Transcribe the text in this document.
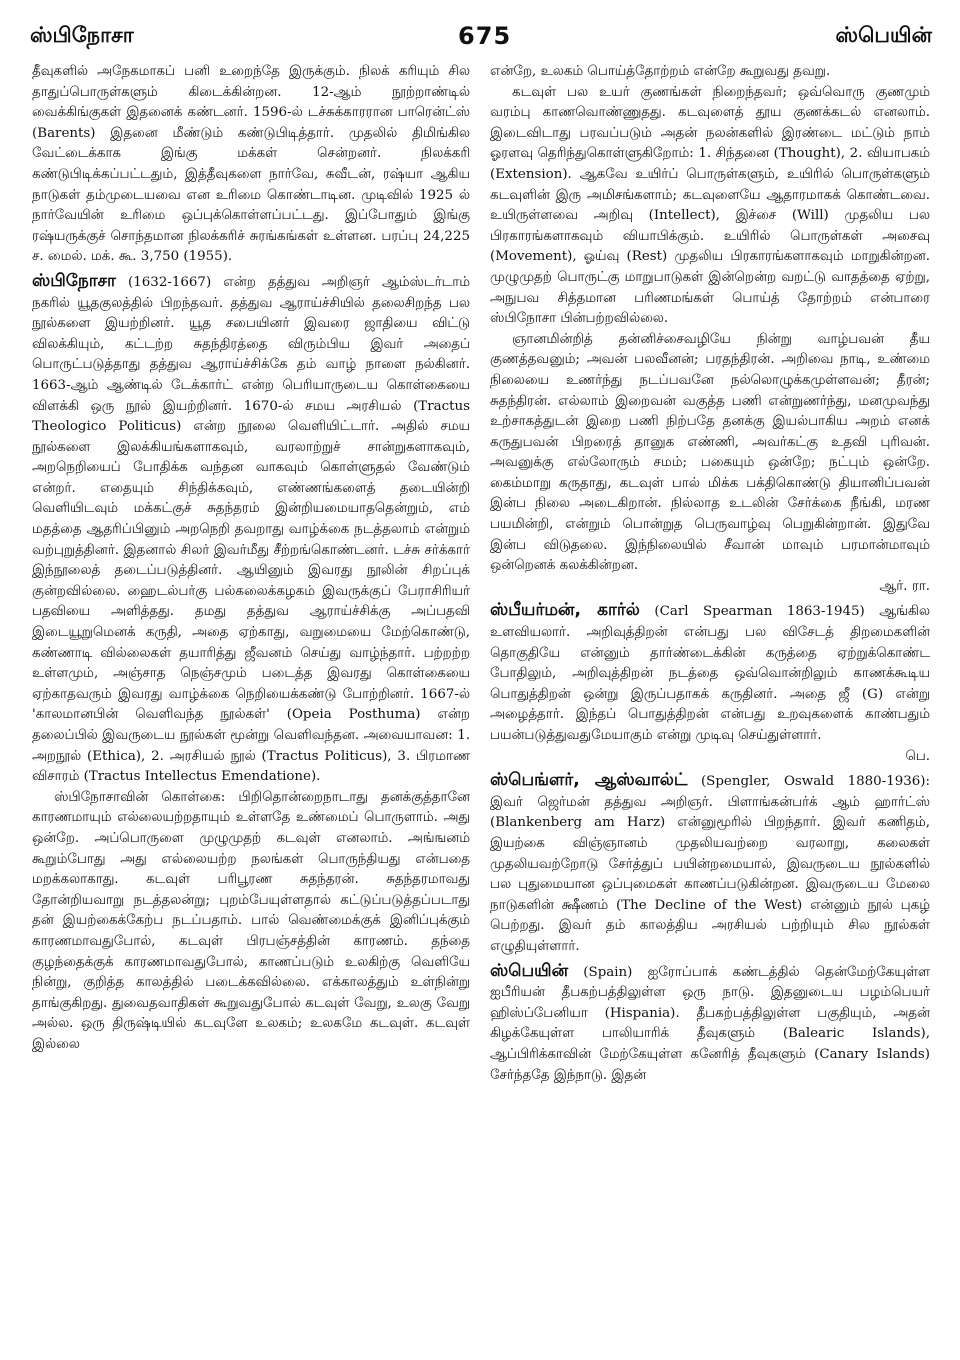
ஸ்பிநோசா	675	ஸ்பெயின்

தீவுகளில் அநேகமாகப் பனி உறைந்தே இருக்கும். நிலக் கரியும் சில தாதுப்பொருள்களும் கிடைக்கின்றன. 12-ஆம் நூற்றாண்டில் வைக்கிங்குகள் இதனைக் கண்டனர். 1596-ல் டச்சுக்காரரான பாரென்ட்ஸ் (Barents) இதனை மீண்டும் கண்டுபிடித்தார். முதலில் திமிங்கில வேட்டைக்காக இங்கு மக்கள் சென்றனர். நிலக்கரி கண்டுபிடிக்கப்பட்டதும், இத்தீவுகளை நார்வே, சுவீடன், ரஷ்யா ஆகிய நாடுகள் தம்முடையவை என உரிமை கொண்டாடின. முடிவில் 1925 ல் நார்வேயின் உரிமை ஒப்புக்கொள்ளப்பட்டது. இப்போதும் இங்கு ரஷ்யருக்குச் சொந்தமான நிலக்கரிச் சுரங்கங்கள் உள்ளன. பரப்பு 24,225 ச. மைல். மக். கூ. 3,750 (1955).

ஸ்பிநோசா (1632-1667) என்ற தத்துவ அறிஞர் ஆம்ஸ்டர்டாம் நகரில் யூதகுலத்தில் பிறந்தவர். தத்துவ ஆராய்ச்சியில் தலைசிறந்த பல நூல்களை இயற்றினர். யூத சபையினர் இவரை ஜாதியை விட்டு விலக்கியும், கட்டற்ற சுதந்திரத்தை விரும்பிய இவர் அதைப் பொருட்படுத்தாது தத்துவ ஆராய்ச்சிக்கே தம் வாழ் நாளை நல்கினர். 1663-ஆம் ஆண்டில் டேக்கார்ட் என்ற பெரியாருடைய கொள்கையை விளக்கி ஒரு நூல் இயற்றினர். 1670-ல் சமய அரசியல் (Tractus Theologico Politicus) என்ற நூலை வெளியிட்டார். அதில் சமய நூல்களை இலக்கியங்களாகவும், வரலாற்றுச் சான்றுகளாகவும், அறநெறியைப் போதிக்க வந்தன வாகவும் கொள்ளுதல் வேண்டும் என்றர். எதையும் சிந்திக்கவும், எண்ணங்களைத் தடையின்றி வெளியிடவும் மக்கட்குச் சுதந்தரம் இன்றியமையாததென்றும், எம் மதத்தை ஆதரிப்பினும் அறநெறி தவறாது வாழ்க்கை நடத்தலாம் என்றும் வற்புறுத்தினர். இதனால் சிலர் இவர்மீது சீற்றங்கொண்டனர். டச்சு சர்க்கார் இந்நூலைத் தடைப்படுத்தினர். ஆயினும் இவரது நூலின் சிறப்புக் குன்றவில்லை. ஹைடல்பர்கு பல்கலைக்கழகம் இவருக்குப் பேராசிரியர் பதவியை அளித்தது. தமது தத்துவ ஆராய்ச்சிக்கு அப்பதவி இடையூறுமெனக் கருதி, அதை ஏற்காது, வறுமையை மேற்கொண்டு, கண்ணாடி வில்லைகள் தயாரித்து ஜீவனம் செய்து வாழ்ந்தார். பற்றற்ற உள்ளமும், அஞ்சாத நெஞ்சமும் படைத்த இவரது கொள்கையை ஏற்காதவரும் இவரது வாழ்க்கை நெறியைக்கண்டு போற்றினர். 1667-ல் 'காலமானபின் வெளிவந்த நூல்கள்' (Opeia Posthuma) என்ற தலைப்பில் இவருடைய நூல்கள் மூன்று வெளிவந்தன. அவையாவன: 1. அறநூல் (Ethica), 2. அரசியல் நூல் (Tractus Politicus), 3. பிரமாண விசாரம் (Tractus Intellectus Emendatione).

ஸ்பிநோசாவின் கொள்கை: பிறிதொன்றைநாடாது தனக்குத்தானே காரணமாயும் எல்லையற்றதாயும் உள்ளதே உண்மைப் பொருளாம். அது ஒன்றே. அப்பொருளை முழுமுதற் கடவுள் எனலாம். அங்ஙனம் கூறும்போது அது எல்லையற்ற நலங்கள் பொருந்தியது என்பதை மறக்கலாகாது. கடவுள் பரிபூரண சுதந்தரன். சுதந்தரமாவது தோன்றியவாறு நடத்தலன்று; புறம்பேயுள்ளதால் கட்டுப்படுத்தப்படாது தன் இயற்கைக்கேற்ப நடப்பதாம். பால் வெண்மைக்குக் இனிப்புக்கும் காரணமாவதுபோல், கடவுள் பிரபஞ்சத்தின் காரணம். தந்தை குழந்தைக்குக் காரணமாவதுபோல், காணப்படும் உலகிற்கு வெளியே நின்று, குறித்த காலத்தில் படைக்கவில்லை. எக்காலத்தும் உள்நின்று தாங்குகிறது. துவைதவாதிகள் கூறுவதுபோல் கடவுள் வேறு, உலகு வேறு அல்ல. ஒரு திருஷ்டியில் கடவுளே உலகம்; உலகமே கடவுள். கடவுள் இல்லை

என்றே, உலகம் பொய்த்தோற்றம் என்றே கூறுவது தவறு.

கடவுள் பல உயர் குணங்கள் நிறைந்தவர்; ஒவ்வொரு குணமும் வரம்பு காணவொண்ணுதது. கடவுளைத் தூய குணக்கடல் எனலாம். இடைவிடாது பரவப்படும் அதன் நலன்களில் இரண்டை மட்டும் நாம் ஓரளவு தெரிந்துகொள்ளுகிறோம்: 1. சிந்தனை (Thought), 2. வியாபகம் (Extension). ஆகவே உயிர்ப் பொருள்களும், உயிரில் பொருள்களும் கடவுளின் இரு அமிசங்களாம்; கடவுளையே ஆதாரமாகக் கொண்டவை. உயிருள்ளவை அறிவு (Intellect), இச்சை (Will) முதலிய பல பிரகாரங்களாகவும் வியாபிக்கும். உயிரில் பொருள்கள் அசைவு (Movement), ஓய்வு (Rest) முதலிய பிரகாரங்களாகவும் மாறுகின்றன. முழுமுதற் பொருட்கு மாறுபாடுகள் இன்றென்ற வறட்டு வாதத்தை ஏற்று, அநுபவ சித்தமான பரிணமங்கள் பொய்த் தோற்றம் என்பாரை ஸ்பிநோசா பின்பற்றவில்லை.

ஞானமின்றித் தன்னிச்சைவழியே நின்று வாழ்பவன் தீய குணத்தவனும்; அவன் பலவீனன்; பரதந்திரன். அறிவை நாடி, உண்மை நிலையை உணர்ந்து நடப்பவனே நல்லொழுக்கமுள்ளவன்; தீரன்; சுதந்திரன். எல்லாம் இறைவன் வகுத்த பணி என்றுணர்ந்து, மனமுவந்து உற்சாகத்துடன் இறை பணி நிற்பதே தனக்கு இயல்பாகிய அறம் எனக் கருதுபவன் பிறரைத் தானுக எண்ணி, அவர்கட்கு உதவி புரிவன். அவனுக்கு எல்லோரும் சமம்; பகையும் ஒன்றே; நட்பும் ஒன்றே. கைம்மாறு கருதாது, கடவுள் பால் மிக்க பக்திகொண்டு தியானிப்பவன் இன்ப நிலை அடைகிறான். நில்லாத உடலின் சேர்க்கை நீங்கி, மரண பயமின்றி, என்றும் பொன்றுத பெருவாழ்வு பெறுகின்றான். இதுவே இன்ப விடுதலை. இந்நிலையில் சீவான் மாவும் பரமான்மாவும் ஒன்றெனக் கலக்கின்றன.

ஆர். ரா.

ஸ்பீயர்மன், கார்ல் (Carl Spearman 1863-1945) ஆங்கில உளவியலார். அறிவுத்திறன் என்பது பல விசேடத் திறமைகளின் தொகுதியே என்னும் தார்ண்டைக்கின் கருத்தை ஏற்றுக்கொண்ட போதிலும், அறிவுத்திறன் நடத்தை ஒவ்வொன்றிலும் காணக்கூடிய பொதுத்திறன் ஒன்று இருப்பதாகக் கருதினர். அதை ஜீ (G) என்று அழைத்தார். இந்தப் பொதுத்திறன் என்பது உறவுகளைக் காண்பதும் பயன்படுத்துவதுமேயாகும் என்று முடிவு செய்துள்ளார்.

பெ.

ஸ்பெங்ளர், ஆஸ்வால்ட் (Spengler, Oswald 1880-1936): இவர் ஜெர்மன் தத்துவ அறிஞர். பிளாங்கன்பர்க் ஆம் ஹார்ட்ஸ் (Blankenberg am Harz) என்னுமூரில் பிறந்தார். இவர் கணிதம், இயற்கை விஞ்ஞானம் முதலியவற்றை வரலாறு, கலைகள் முதலியவற்றோடு சேர்த்துப் பயின்றமையால், இவருடைய நூல்களில் பல புதுமையான ஒப்புமைகள் காணப்படுகின்றன. இவருடைய மேலை நாடுகளின் க்ஷீணம் (The Decline of the West) என்னும் நூல் புகழ் பெற்றது. இவர் தம் காலத்திய அரசியல் பற்றியும் சில நூல்கள் எழுதியுள்ளார்.

ஸ்பெயின் (Spain) ஐரோப்பாக் கண்டத்தில் தென்மேற்கேயுள்ள ஐபீரியன் தீபகற்பத்திலுள்ள ஒரு நாடு. இதனுடைய பழம்பெயர் ஹிஸ்ப்பேனியா (Hispania). தீபகற்பத்திலுள்ள பகுதியும், அதன் கிழக்கேயுள்ள பாலியாரிக் தீவுகளும் (Balearic Islands), ஆப்பிரிக்காவின் மேற்கேயுள்ள கனேரித் தீவுகளும் (Canary Islands) சேர்ந்ததே இந்நாடு. இதன்
